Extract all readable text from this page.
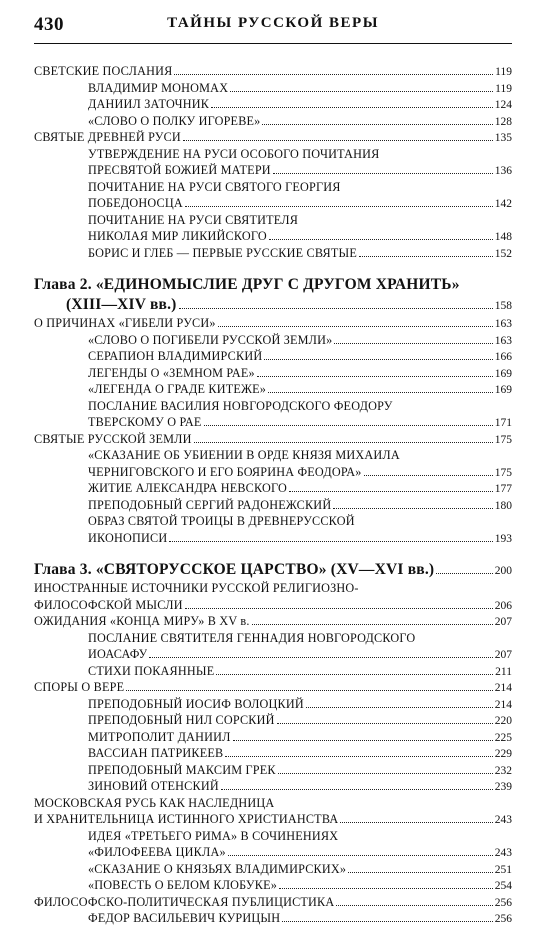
430	ТАЙНЫ РУССКОЙ ВЕРЫ
СВЕТСКИЕ ПОСЛАНИЯ	119
ВЛАДИМИР МОНОМАХ	119
ДАНИИЛ ЗАТОЧНИК	124
«СЛОВО О ПОЛКУ ИГОРЕВЕ»	128
СВЯТЫЕ ДРЕВНЕЙ РУСИ	135
УТВЕРЖДЕНИЕ НА РУСИ ОСОБОГО ПОЧИТАНИЯ
ПРЕСВЯТОЙ БОЖИЕЙ МАТЕРИ	136
ПОЧИТАНИЕ НА РУСИ СВЯТОГО ГЕОРГИЯ
ПОБЕДОНОСЦА	142
ПОЧИТАНИЕ НА РУСИ СВЯТИТЕЛЯ
НИКОЛАЯ МИР ЛИКИЙСКОГО	148
БОРИС И ГЛЕБ — ПЕРВЫЕ РУССКИЕ СВЯТЫЕ	152
Глава 2. «ЕДИНОМЫСЛИЕ ДРУГ С ДРУГОМ ХРАНИТЬ»
(XIII—XIV вв.)	158
О ПРИЧИНАХ «ГИБЕЛИ РУСИ»	163
«СЛОВО О ПОГИБЕЛИ РУССКОЙ ЗЕМЛИ»	163
СЕРАПИОН ВЛАДИМИРСКИЙ	166
ЛЕГЕНДЫ О «ЗЕМНОМ РАЕ»	169
«ЛЕГЕНДА О ГРАДЕ КИТЕЖЕ»	169
ПОСЛАНИЕ ВАСИЛИЯ НОВГОРОДСКОГО ФЕОДОРУ
ТВЕРСКОМУ О РАЕ	171
СВЯТЫЕ РУССКОЙ ЗЕМЛИ	175
«СКАЗАНИЕ ОБ УБИЕНИИ В ОРДЕ КНЯЗЯ МИХАИЛА
ЧЕРНИГОВСКОГО И ЕГО БОЯРИНА ФЕОДОРА»	175
ЖИТИЕ АЛЕКСАНДРА НЕВСКОГО	177
ПРЕПОДОБНЫЙ СЕРГИЙ РАДОНЕЖСКИЙ	180
ОБРАЗ СВЯТОЙ ТРОИЦЫ В ДРЕВНЕРУССКОЙ
ИКОНОПИСИ	193
Глава 3. «СВЯТОРУССКОЕ ЦАРСТВО» (XV—XVI вв.)	200
ИНОСТРАННЫЕ ИСТОЧНИКИ РУССКОЙ РЕЛИГИОЗНО-
ФИЛОСОФСКОЙ МЫСЛИ	206
ОЖИДАНИЯ «КОНЦА МИРУ» В XV в.	207
ПОСЛАНИЕ СВЯТИТЕЛЯ ГЕННАДИЯ НОВГОРОДСКОГО
ИОАСАФУ	207
СТИХИ ПОКАЯННЫЕ	211
СПОРЫ О ВЕРЕ	214
ПРЕПОДОБНЫЙ ИОСИФ ВОЛОЦКИЙ	214
ПРЕПОДОБНЫЙ НИЛ СОРСКИЙ	220
МИТРОПОЛИТ ДАНИИЛ	225
ВАССИАН ПАТРИКЕЕВ	229
ПРЕПОДОБНЫЙ МАКСИМ ГРЕК	232
ЗИНОВИЙ ОТЕНСКИЙ	239
МОСКОВСКАЯ РУСЬ КАК НАСЛЕДНИЦА
И ХРАНИТЕЛЬНИЦА ИСТИННОГО ХРИСТИАНСТВА	243
ИДЕЯ «ТРЕТЬЕГО РИМА» В СОЧИНЕНИЯХ
«ФИЛОФЕЕВА ЦИКЛА»	243
«СКАЗАНИЕ О КНЯЗЬЯХ ВЛАДИМИРСКИХ»	251
«ПОВЕСТЬ О БЕЛОМ КЛОБУКЕ»	254
ФИЛОСОФСКО-ПОЛИТИЧЕСКАЯ ПУБЛИЦИСТИКА	256
ФЕДОР ВАСИЛЬЕВИЧ КУРИЦЫН	256
